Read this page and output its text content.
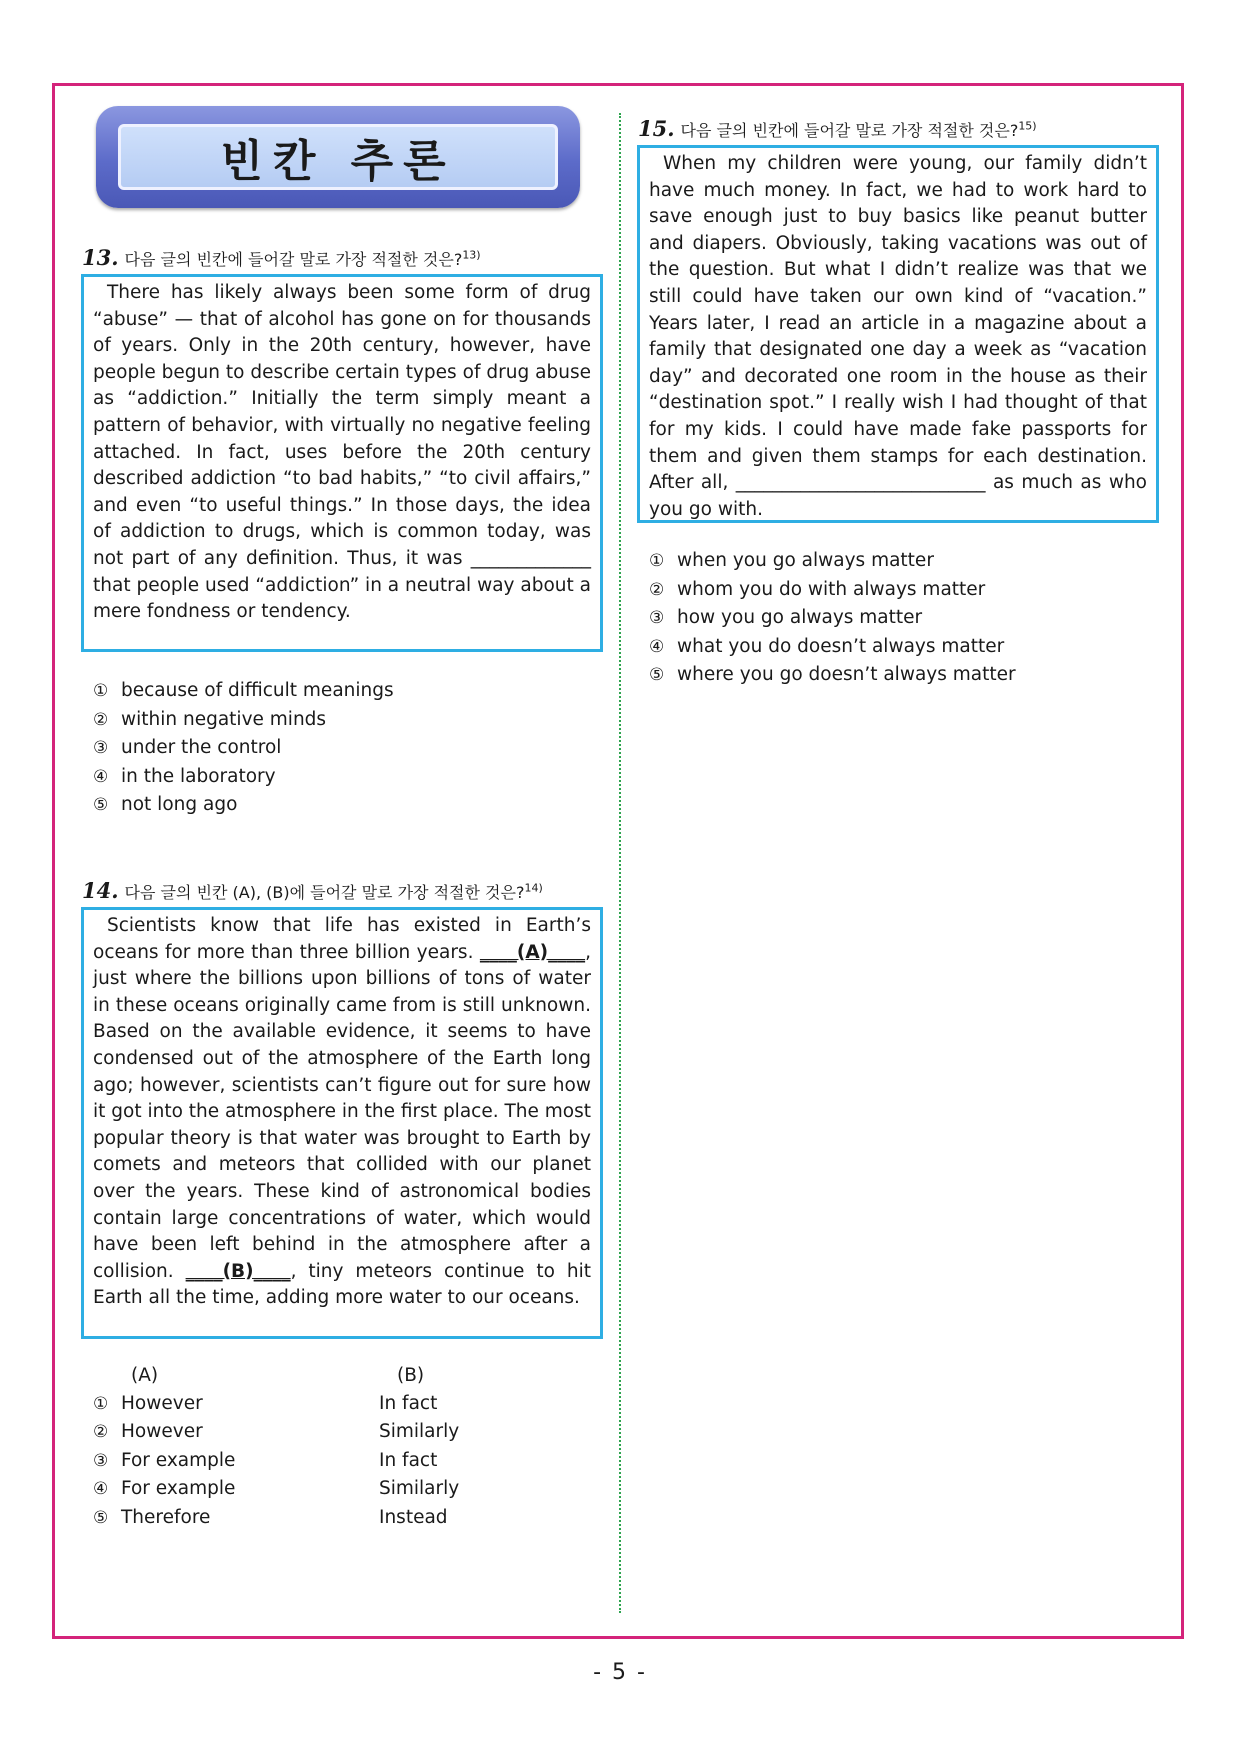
빈칸 추론
13. 다음 글의 빈칸에 들어갈 말로 가장 적절한 것은?$^{13)}$

There has likely always been some form of drug “abuse” — that of alcohol has gone on for thousands of years. Only in the 20th century, however, have people begun to describe certain types of drug abuse as “addiction.” Initially the term simply meant a pattern of behavior, with virtually no negative feeling attached. In fact, uses before the 20th century described addiction “to bad habits,” “to civil affairs,” and even “to useful things.” In those days, the idea of addiction to drugs, which is common today, was not part of any definition. Thus, it was _____________ that people used “addiction” in a neutral way about a mere fondness or tendency.

① because of difficult meanings
② within negative minds
③ under the control
④ in the laboratory
⑤ not long ago
14. 다음 글의 빈칸 (A), (B)에 들어갈 말로 가장 적절한 것은?$^{14)}$

Scientists know that life has existed in Earth’s oceans for more than three billion years. ____(A)____, just where the billions upon billions of tons of water in these oceans originally came from is still unknown. Based on the available evidence, it seems to have condensed out of the atmosphere of the Earth long ago; however, scientists can’t figure out for sure how it got into the atmosphere in the first place. The most popular theory is that water was brought to Earth by comets and meteors that collided with our planet over the years. These kind of astronomical bodies contain large concentrations of water, which would have been left behind in the atmosphere after a collision. ____(B)____, tiny meteors continue to hit Earth all the time, adding more water to our oceans.

(A)	(B)
① However	In fact
② However	Similarly
③ For example	In fact
④ For example	Similarly
⑤ Therefore	Instead
15. 다음 글의 빈칸에 들어갈 말로 가장 적절한 것은?$^{15)}$

When my children were young, our family didn’t have much money. In fact, we had to work hard to save enough just to buy basics like peanut butter and diapers. Obviously, taking vacations was out of the question. But what I didn’t realize was that we still could have taken our own kind of “vacation.” Years later, I read an article in a magazine about a family that designated one day a week as “vacation day” and decorated one room in the house as their “destination spot.” I really wish I had thought of that for my kids. I could have made fake passports for them and given them stamps for each destination. After all, ___________________________ as much as who you go with.

① when you go always matter
② whom you do with always matter
③ how you go always matter
④ what you do doesn’t always matter
⑤ where you go doesn’t always matter
- 5 -
